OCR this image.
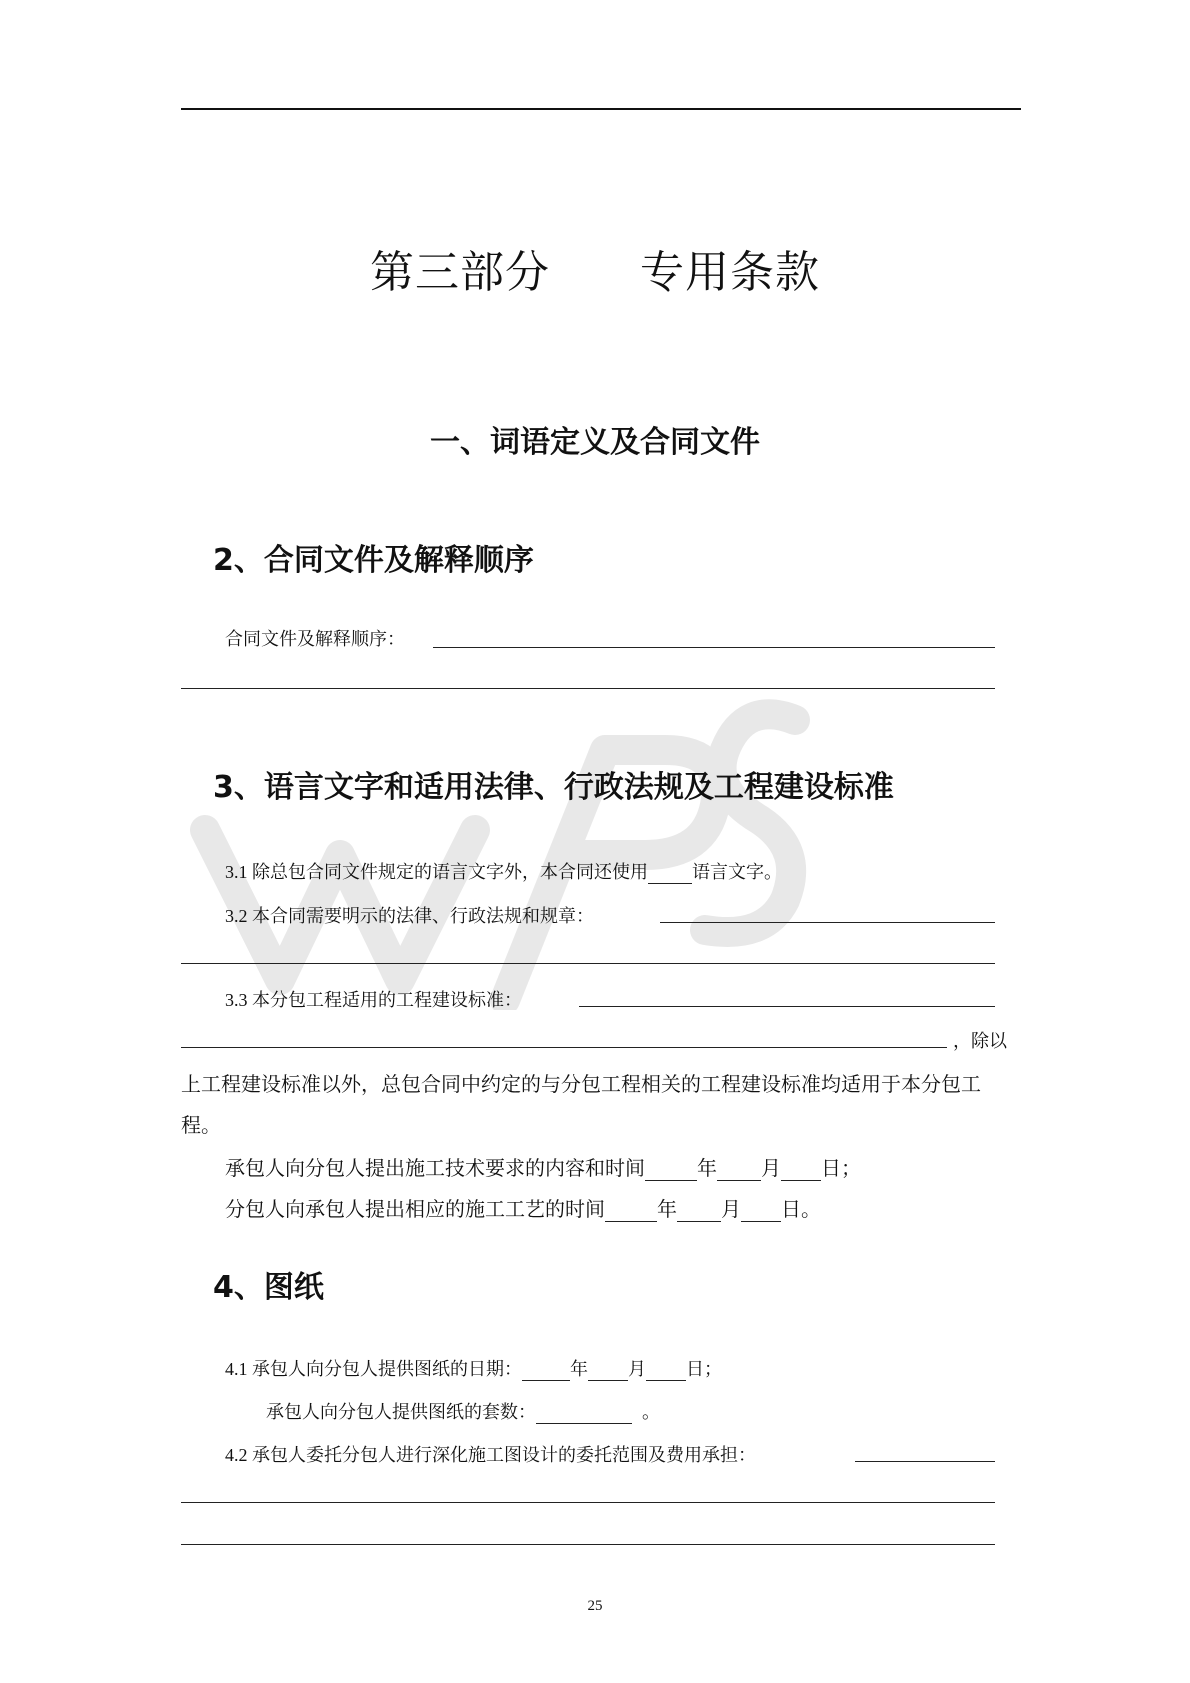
第三部分　　专用条款
一、词语定义及合同文件
2、合同文件及解释顺序
合同文件及解释顺序：
3、语言文字和适用法律、行政法规及工程建设标准
3.1 除总包合同文件规定的语言文字外，本合同还使用 语言文字。
3.2 本合同需要明示的法律、行政法规和规章：
3.3 本分包工程适用的工程建设标准：
，除以
上工程建设标准以外，总包合同中约定的与分包工程相关的工程建设标准均适用于本分包工
程。
承包人向分包人提出施工技术要求的内容和时间	年 月 日；
分包人向承包人提出相应的施工工艺的时间	年 月 日。
4、图纸
4.1 承包人向分包人提供图纸的日期：	年 月 日；
承包人向分包人提供图纸的套数：	。
4.2 承包人委托分包人进行深化施工图设计的委托范围及费用承担：
25
